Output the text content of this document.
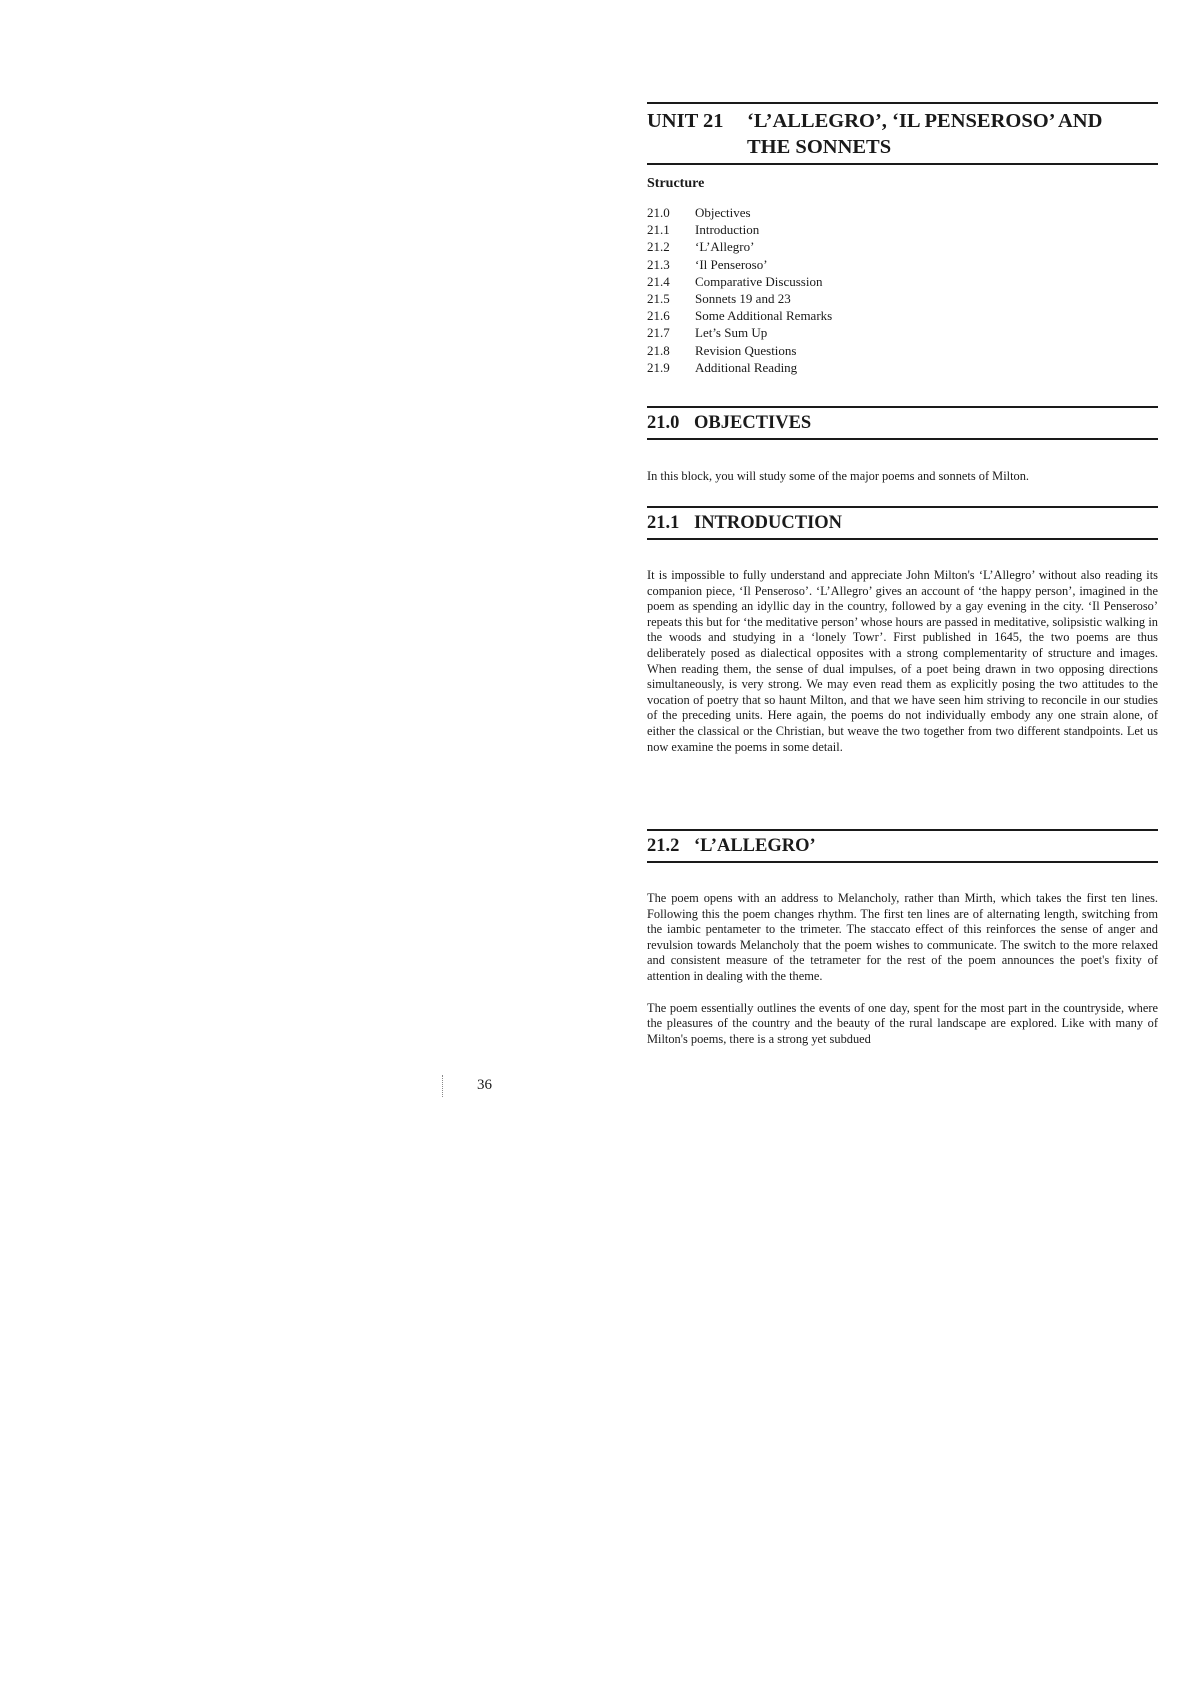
UNIT 21 ‘L’ALLEGRO’, ‘IL PENSEROSO’ AND
THE SONNETS

Structure

21.0	Objectives
21.1	Introduction
21.2	‘L’Allegro’
21.3	‘Il Penseroso’
21.4	Comparative Discussion
21.5	Sonnets 19 and 23
21.6	Some Additional Remarks
21.7	Let’s Sum Up
21.8	Revision Questions
21.9	Additional Reading
21.0 OBJECTIVES

In this block, you will study some of the major poems and sonnets of Milton.

21.1 INTRODUCTION

It is impossible to fully understand and appreciate John Milton's ‘L’Allegro’ without also reading its companion piece, ‘Il Penseroso’. ‘L’Allegro’ gives an account of ‘the happy person’, imagined in the poem as spending an idyllic day in the country, followed by a gay evening in the city. ‘Il Penseroso’ repeats this but for ‘the meditative person’ whose hours are passed in meditative, solipsistic walking in the woods and studying in a ‘lonely Towr’. First published in 1645, the two poems are thus deliberately posed as dialectical opposites with a strong complementarity of structure and images. When reading them, the sense of dual impulses, of a poet being drawn in two opposing directions simultaneously, is very strong. We may even read them as explicitly posing the two attitudes to the vocation of poetry that so haunt Milton, and that we have seen him striving to reconcile in our studies of the preceding units. Here again, the poems do not individually embody any one strain alone, of either the classical or the Christian, but weave the two together from two different standpoints. Let us now examine the poems in some detail.

21.2 ‘L’ALLEGRO’

The poem opens with an address to Melancholy, rather than Mirth, which takes the first ten lines. Following this the poem changes rhythm. The first ten lines are of alternating length, switching from the iambic pentameter to the trimeter. The staccato effect of this reinforces the sense of anger and revulsion towards Melancholy that the poem wishes to communicate. The switch to the more relaxed and consistent measure of the tetrameter for the rest of the poem announces the poet's fixity of attention in dealing with the theme.

The poem essentially outlines the events of one day, spent for the most part in the countryside, where the pleasures of the country and the beauty of the rural landscape are explored. Like with many of Milton's poems, there is a strong yet subdued

36
